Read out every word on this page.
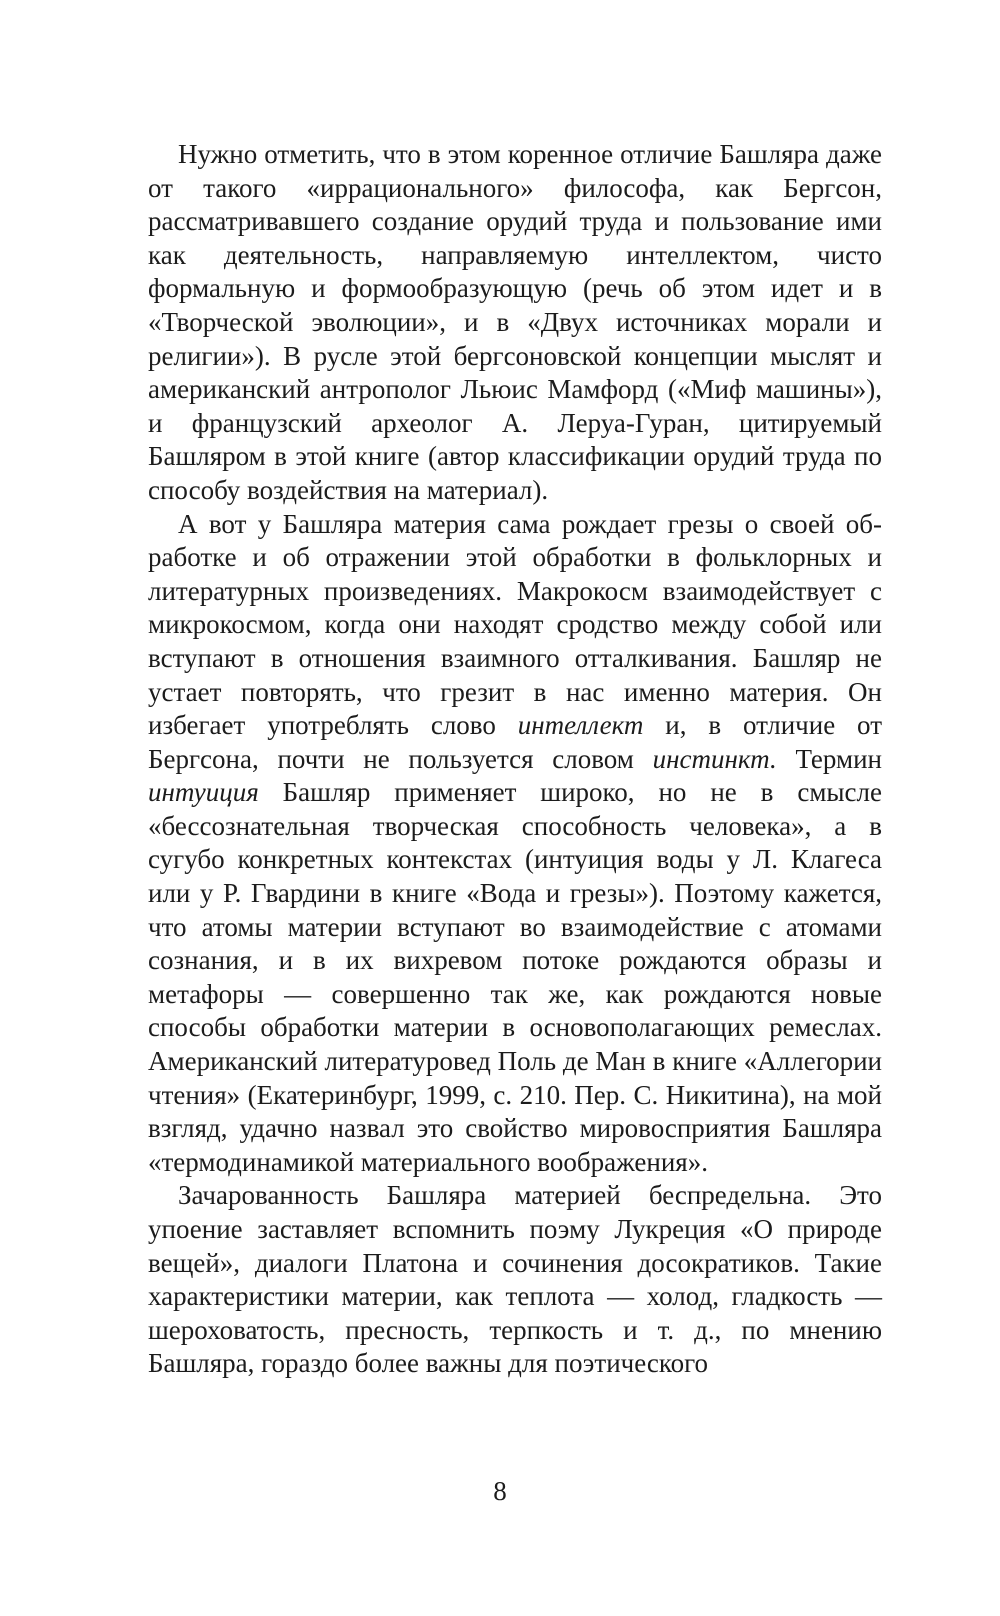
Нужно отметить, что в этом коренное отличие Башляра даже от такого «иррационального» философа, как Бергсон, рассматривавшего создание орудий труда и пользование ими как деятельность, направляемую интеллектом, чисто формальную и формообразующую (речь об этом идет и в «Творческой эволюции», и в «Двух источниках морали и религии»). В русле этой бергсоновской концепции мыслят и американский антрополог Льюис Мамфорд («Миф машины»), и французский археолог А. Леруа-Гуран, цитируемый Башляром в этой книге (автор классификации орудий труда по способу воздействия на материал).

А вот у Башляра материя сама рождает грезы о своей обработке и об отражении этой обработки в фольклорных и литературных произведениях. Макрокосм взаимодействует с микрокосмом, когда они находят сродство между собой или вступают в отношения взаимного отталкивания. Башляр не устает повторять, что грезит в нас именно материя. Он избегает употреблять слово интеллект и, в отличие от Бергсона, почти не пользуется словом инстинкт. Термин интуиция Башляр применяет широко, но не в смысле «бессознательная творческая способность человека», а в сугубо конкретных контекстах (интуиция воды у Л. Клагеса или у Р. Гвардини в книге «Вода и грезы»). Поэтому кажется, что атомы материи вступают во взаимодействие с атомами сознания, и в их вихревом потоке рождаются образы и метафоры — совершенно так же, как рождаются новые способы обработки материи в основополагающих ремеслах. Американский литературовед Поль де Ман в книге «Аллегории чтения» (Екатеринбург, 1999, с. 210. Пер. С. Никитина), на мой взгляд, удачно назвал это свойство мировосприятия Башляра «термодинамикой материального воображения».

Зачарованность Башляра материей беспредельна. Это упоение заставляет вспомнить поэму Лукреция «О природе вещей», диалоги Платона и сочинения досократиков. Такие характеристики материи, как теплота — холод, гладкость — шероховатость, пресность, терпкость и т. д., по мнению Башляра, гораздо более важны для поэтического

8
